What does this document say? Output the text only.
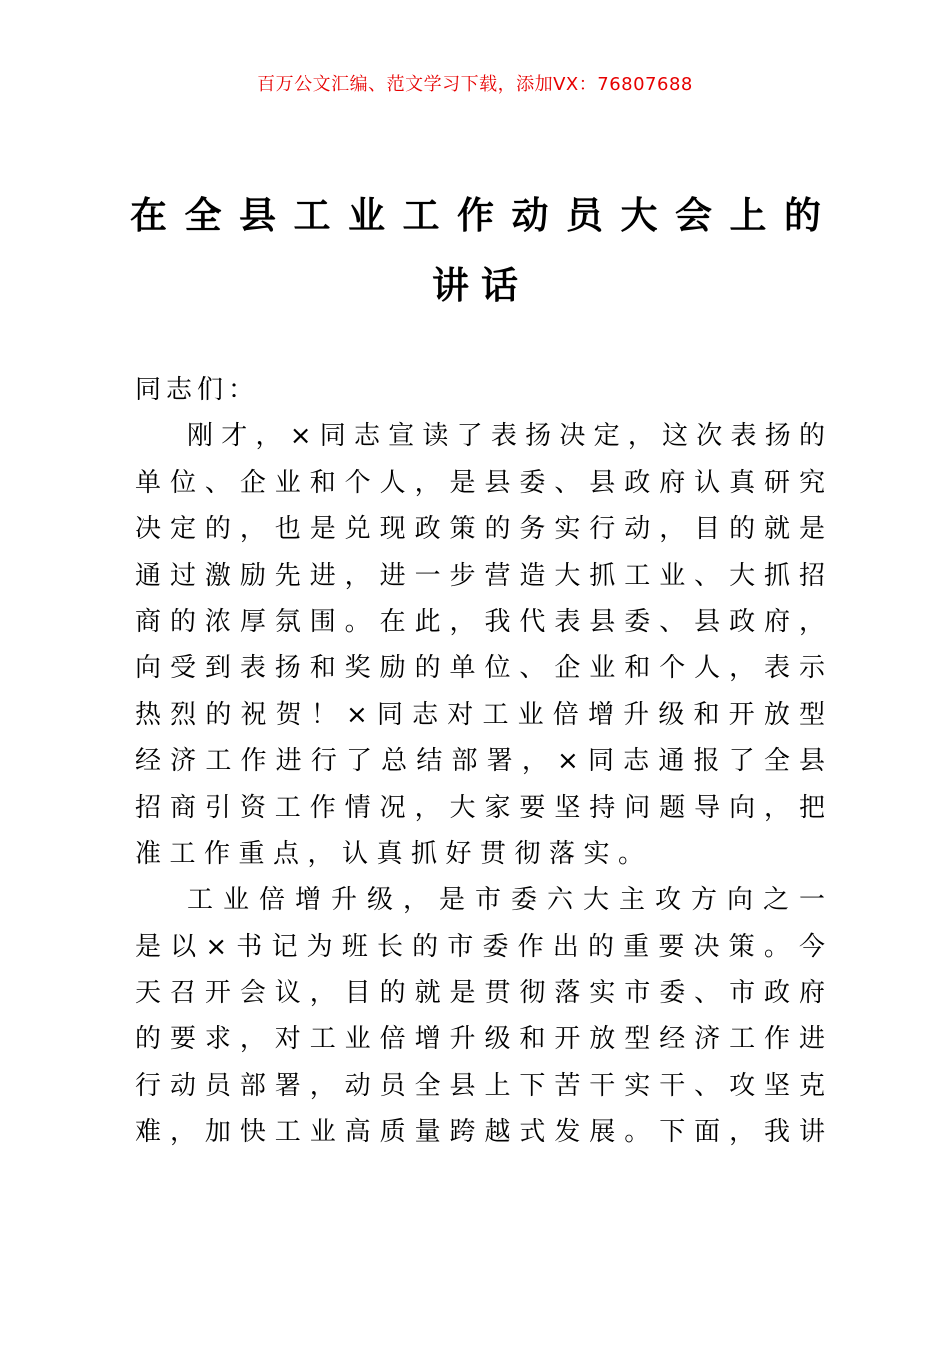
百万公文汇编、范文学习下载，添加VX：76807688
在全县工业工作动员大会上的
讲话
同志们：
刚才，×同志宣读了表扬决定，这次表扬的
单位、企业和个人，是县委、县政府认真研究
决定的，也是兑现政策的务实行动，目的就是
通过激励先进，进一步营造大抓工业、大抓招
商的浓厚氛围。在此，我代表县委、县政府，
向受到表扬和奖励的单位、企业和个人，表示
热烈的祝贺！×同志对工业倍增升级和开放型
经济工作进行了总结部署，×同志通报了全县
招商引资工作情况，大家要坚持问题导向，把
准工作重点，认真抓好贯彻落实。
工业倍增升级，是市委六大主攻方向之一
是以×书记为班长的市委作出的重要决策。今
天召开会议，目的就是贯彻落实市委、市政府
的要求，对工业倍增升级和开放型经济工作进
行动员部署，动员全县上下苦干实干、攻坚克
难，加快工业高质量跨越式发展。下面，我讲
